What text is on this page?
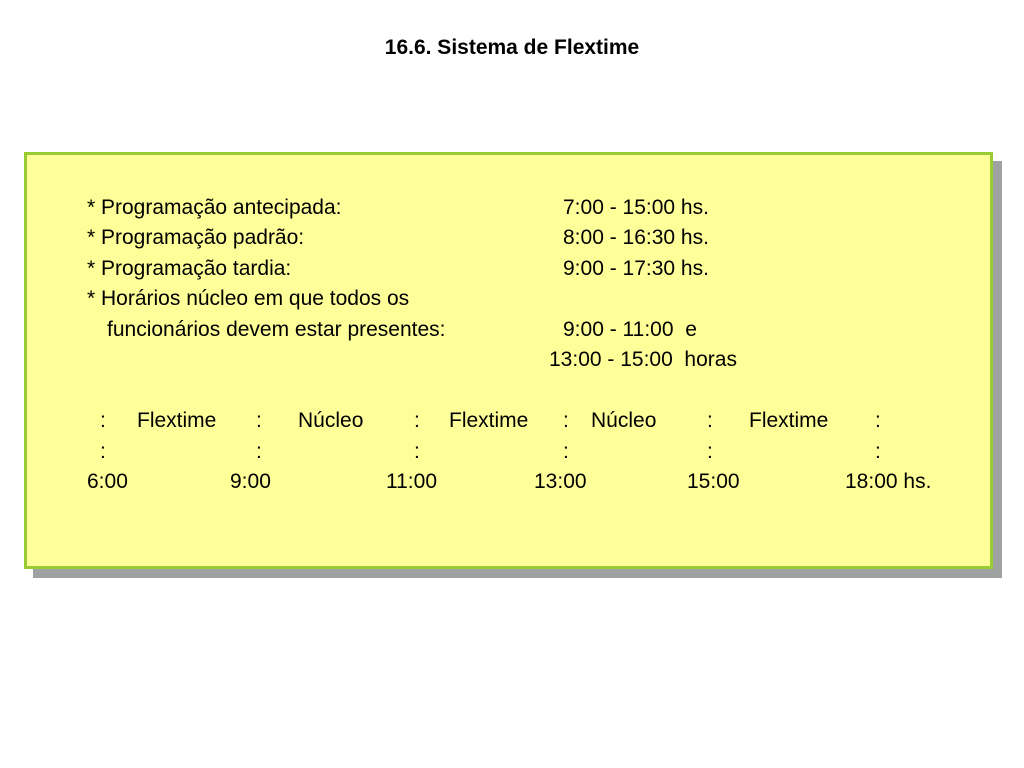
16.6. Sistema de Flextime
* Programação antecipada:	7:00 - 15:00 hs.
* Programação padrão:	8:00 - 16:30 hs.
* Programação tardia:	9:00 - 17:30 hs.
* Horários núcleo em que todos os
funcionários devem estar presentes:	9:00 - 11:00  e
13:00 - 15:00  horas
: Flextime : Núcleo : Flextime : Núcleo : Flextime :
:	:	:	:	:	:
6:00	9:00	11:00	13:00	15:00	18:00 hs.
